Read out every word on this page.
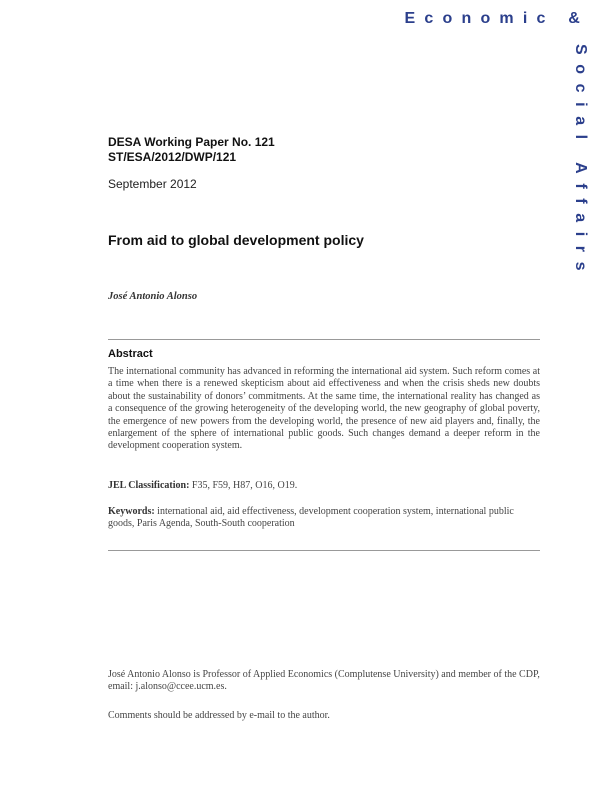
Economic &
Social Affairs
DESA Working Paper No. 121
ST/ESA/2012/DWP/121
September 2012
From aid to global development policy
José Antonio Alonso
Abstract

The international community has advanced in reforming the international aid system. Such reform comes at a time when there is a renewed skepticism about aid effectiveness and when the crisis sheds new doubts about the sustainability of donors’ commitments. At the same time, the international reality has changed as a consequence of the growing heterogeneity of the developing world, the new geography of global poverty, the emergence of new powers from the developing world, the presence of new aid players and, finally, the enlargement of the sphere of international public goods. Such changes demand a deeper reform in the development cooperation system.

JEL Classification: F35, F59, H87, O16, O19.

Keywords: international aid, aid effectiveness, development cooperation system, international public goods, Paris Agenda, South-South cooperation

José Antonio Alonso is Professor of Applied Economics (Complutense University) and member of the CDP, email: j.alonso@ccee.ucm.es.

Comments should be addressed by e-mail to the author.
